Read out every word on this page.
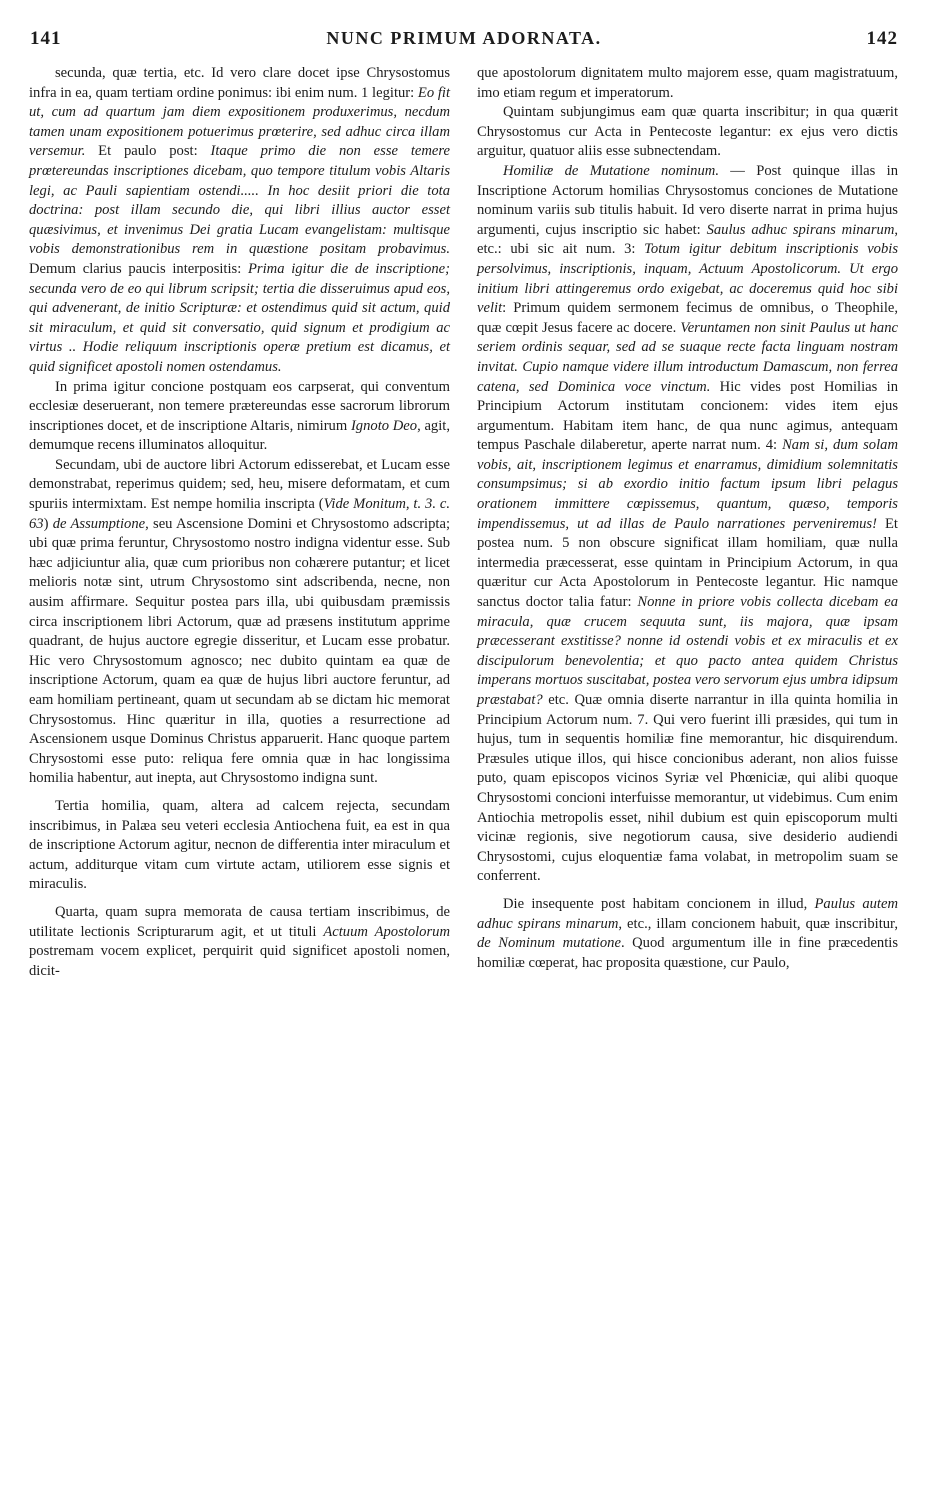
141	NUNC PRIMUM ADORNATA.	142

secunda, quæ tertia, etc. Id vero clare docet ipse Chrysostomus infra in ea, quam tertiam ordine ponimus: ibi enim num. 1 legitur: Eo fit ut, cum ad quartum jam diem expositionem produxerimus, necdum tamen unam expositionem potuerimus prœterire, sed adhuc circa illam versemur. Et paulo post: Itaque primo die non esse temere prœtereundas inscriptiones dicebam, quo tempore titulum vobis Altaris legi, ac Pauli sapientiam ostendi..... In hoc desiit priori die tota doctrina: post illam secundo die, qui libri illius auctor esset quæsivimus, et invenimus Dei gratia Lucam evangelistam: multisque vobis demonstrationibus rem in quæstione positam probavimus. Demum clarius paucis interpositis: Prima igitur die de inscriptione; secunda vero de eo qui librum scripsit; tertia die disseruimus apud eos, qui advenerant, de initio Scripturæ: et ostendimus quid sit actum, quid sit miraculum, et quid sit conversatio, quid signum et prodigium ac virtus .. Hodie reliquum inscriptionis operæ pretium est dicamus, et quid significet apostoli nomen ostendamus.

In prima igitur concione postquam eos carpserat, qui conventum ecclesiæ deseruerant, non temere prætereundas esse sacrorum librorum inscriptiones docet, et de inscriptione Altaris, nimirum Ignoto Deo, agit, demumque recens illuminatos alloquitur.

Secundam, ubi de auctore libri Actorum edisserebat, et Lucam esse demonstrabat, reperimus quidem; sed, heu, misere deformatam, et cum spuriis intermixtam. Est nempe homilia inscripta (Vide Monitum, t. 3. c. 63) de Assumptione, seu Ascensione Domini et Chrysostomo adscripta; ubi quæ prima feruntur, Chrysostomo nostro indigna videntur esse. Sub hæc adjiciuntur alia, quæ cum prioribus non cohærere putantur; et licet melioris notæ sint, utrum Chrysostomo sint adscribenda, necne, non ausim affirmare. Sequitur postea pars illa, ubi quibusdam præmissis circa inscriptionem libri Actorum, quæ ad præsens institutum apprime quadrant, de hujus auctore egregie disseritur, et Lucam esse probatur. Hic vero Chrysostomum agnosco; nec dubito quintam ea quæ de inscriptione Actorum, quam ea quæ de hujus libri auctore feruntur, ad eam homiliam pertineant, quam ut secundam ab se dictam hic memorat Chrysostomus. Hinc quæritur in illa, quoties a resurrectione ad Ascensionem usque Dominus Christus apparuerit. Hanc quoque partem Chrysostomi esse puto: reliqua fere omnia quæ in hac longissima homilia habentur, aut inepta, aut Chrysostomo indigna sunt.

Tertia homilia, quam, altera ad calcem rejecta, secundam inscribimus, in Palæa seu veteri ecclesia Antiochena fuit, ea est in qua de inscriptione Actorum agitur, necnon de differentia inter miraculum et actum, additurque vitam cum virtute actam, utiliorem esse signis et miraculis.

Quarta, quam supra memorata de causa tertiam inscribimus, de utilitate lectionis Scripturarum agit, et ut tituli Actuum Apostolorum postremam vocem explicet, perquirit quid significet apostoli nomen, dicit-

que apostolorum dignitatem multo majorem esse, quam magistratuum, imo etiam regum et imperatorum.

Quintam subjungimus eam quæ quarta inscribitur; in qua quærit Chrysostomus cur Acta in Pentecoste legantur: ex ejus vero dictis arguitur, quatuor aliis esse subnectendam.

Homiliæ de Mutatione nominum. — Post quinque illas in Inscriptione Actorum homilias Chrysostomus conciones de Mutatione nominum variis sub titulis habuit. Id vero diserte narrat in prima hujus argumenti, cujus inscriptio sic habet: Saulus adhuc spirans minarum, etc.: ubi sic ait num. 3: Totum igitur debitum inscriptionis vobis persolvimus, inscriptionis, inquam, Actuum Apostolicorum. Ut ergo initium libri attingeremus ordo exigebat, ac doceremus quid hoc sibi velit: Primum quidem sermonem fecimus de omnibus, o Theophile, quæ cœpit Jesus facere ac docere. Veruntamen non sinit Paulus ut hanc seriem ordinis sequar, sed ad se suaque recte facta linguam nostram invitat. Cupio namque videre illum introductum Damascum, non ferrea catena, sed Dominica voce vinctum. Hic vides post Homilias in Principium Actorum institutam concionem: vides item ejus argumentum. Habitam item hanc, de qua nunc agimus, antequam tempus Paschale dilaberetur, aperte narrat num. 4: Nam si, dum solam vobis, ait, inscriptionem legimus et enarramus, dimidium solemnitatis consumpsimus; si ab exordio initio factum ipsum libri pelagus orationem immittere cœpissemus, quantum, quæso, temporis impendissemus, ut ad illas de Paulo narrationes perveniremus! Et postea num. 5 non obscure significat illam homiliam, quæ nulla intermedia præcesserat, esse quintam in Principium Actorum, in qua quæritur cur Acta Apostolorum in Pentecoste legantur. Hic namque sanctus doctor talia fatur: Nonne in priore vobis collecta dicebam ea miracula, quæ crucem sequuta sunt, iis majora, quæ ipsam præcesserant exstitisse? nonne id ostendi vobis et ex miraculis et ex discipulorum benevolentia; et quo pacto antea quidem Christus imperans mortuos suscitabat, postea vero servorum ejus umbra idipsum præstabat? etc. Quæ omnia diserte narrantur in illa quinta homilia in Principium Actorum num. 7. Qui vero fuerint illi præsides, qui tum in hujus, tum in sequentis homiliæ fine memorantur, hic disquirendum. Præsules utique illos, qui hisce concionibus aderant, non alios fuisse puto, quam episcopos vicinos Syriæ vel Phœniciæ, qui alibi quoque Chrysostomi concioni interfuisse memorantur, ut videbimus. Cum enim Antiochia metropolis esset, nihil dubium est quin episcoporum multi vicinæ regionis, sive negotiorum causa, sive desiderio audiendi Chrysostomi, cujus eloquentiæ fama volabat, in metropolim suam se conferrent.

Die insequente post habitam concionem in illud, Paulus autem adhuc spirans minarum, etc., illam concionem habuit, quæ inscribitur, de Nominum mutatione. Quod argumentum ille in fine præcedentis homiliæ cœperat, hac proposita quæstione, cur Paulo,
